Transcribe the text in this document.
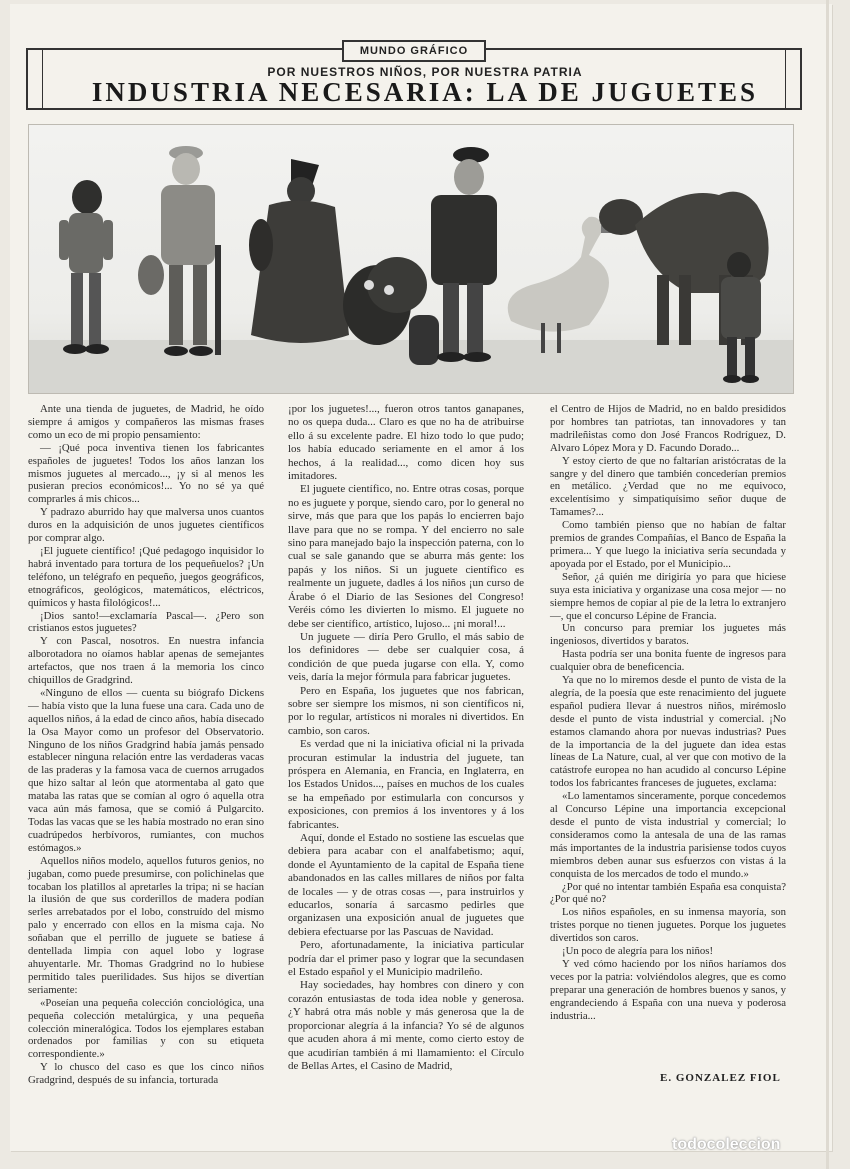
MUNDO GRÁFICO
POR NUESTROS NIÑOS, POR NUESTRA PATRIA
INDUSTRIA NECESARIA: LA DE JUGUETES

Ante una tienda de juguetes, de Madrid, he oído siempre á amigos y compañeros las mismas frases como un eco de mi propio pensamiento:

— ¡Qué poca inventiva tienen los fabricantes españoles de juguetes! Todos los años lanzan los mismos juguetes al mercado..., ¡y si al menos les pusieran precios económicos!... Yo no sé ya qué comprarles á mis chicos...

Y padrazo aburrido hay que malversa unos cuantos duros en la adquisición de unos juguetes científicos por comprar algo.

¡El juguete científico! ¡Qué pedagogo inquisidor lo habrá inventado para tortura de los pequeñuelos? ¡Un teléfono, un telégrafo en pequeño, juegos geográficos, etnográficos, geológicos, matemáticos, eléctricos, químicos y hasta filológicos!...

¡Dios santo!—exclamaría Pascal—. ¿Pero son cristianos estos juguetes?

Y con Pascal, nosotros. En nuestra infancia alborotadora no oíamos hablar apenas de semejantes artefactos, que nos traen á la memoria los cinco chiquillos de Gradgrind.

«Ninguno de ellos — cuenta su biógrafo Dickens — había visto que la luna fuese una cara. Cada uno de aquellos niños, á la edad de cinco años, había disecado la Osa Mayor como un profesor del Observatorio. Ninguno de los niños Gradgrind había jamás pensado establecer ninguna relación entre las verdaderas vacas de las praderas y la famosa vaca de cuernos arrugados que hizo saltar al león que atormentaba al gato que mataba las ratas que se comían al ogro ó aquella otra vaca aún más famosa, que se comió á Pulgarcito. Todas las vacas que se les había mostrado no eran sino cuadrúpedos herbívoros, rumiantes, con muchos estómagos.»

Aquellos niños modelo, aquellos futuros genios, no jugaban, como puede presumirse, con polichinelas que tocaban los platillos al apretarles la tripa; ni se hacían la ilusión de que sus corderillos de madera podían serles arrebatados por el lobo, construído del mismo palo y encerrado con ellos en la misma caja. No soñaban que el perrillo de juguete se batiese á dentellada limpia con aquel lobo y lograse ahuyentarle. Mr. Thomas Gradgrind no lo hubiese permitido tales puerilidades. Sus hijos se divertían seriamente:

«Poseían una pequeña colección conciológica, una pequeña colección metalúrgica, y una pequeña colección mineralógica. Todos los ejemplares estaban ordenados por familias y con su etiqueta correspondiente.»

Y lo chusco del caso es que los cinco niños Gradgrind, después de su infancia, torturada

¡por los juguetes!..., fueron otros tantos ganapanes, no os quepa duda... Claro es que no ha de atribuirse ello á su excelente padre. El hizo todo lo que pudo; los había educado seriamente en el amor á los hechos, á la realidad..., como dicen hoy sus imitadores.

El juguete científico, no. Entre otras cosas, porque no es juguete y porque, siendo caro, por lo general no sirve, más que para que los papás lo encierren bajo llave para que no se rompa. Y del encierro no sale sino para manejado bajo la inspección paterna, con lo cual se sale ganando que se aburra más gente: los papás y los niños. Si un juguete científico es realmente un juguete, dadles á los niños ¡un curso de Árabe ó el Diario de las Sesiones del Congreso! Veréis cómo les divierten lo mismo. El juguete no debe ser científico, artístico, lujoso... ¡ni moral!...

Un juguete — diría Pero Grullo, el más sabio de los definidores — debe ser cualquier cosa, á condición de que pueda jugarse con ella. Y, como veis, daría la mejor fórmula para fabricar juguetes.

Pero en España, los juguetes que nos fabrican, sobre ser siempre los mismos, ni son científicos ni, por lo regular, artísticos ni morales ni divertidos. En cambio, son caros.

Es verdad que ni la iniciativa oficial ni la privada procuran estimular la industria del juguete, tan próspera en Alemania, en Francia, en Inglaterra, en los Estados Unidos..., países en muchos de los cuales se ha empeñado por estimularla con concursos y exposiciones, con premios á los inventores y á los fabricantes.

Aquí, donde el Estado no sostiene las escuelas que debiera para acabar con el analfabetismo; aquí, donde el Ayuntamiento de la capital de España tiene abandonados en las calles millares de niños por falta de locales — y de otras cosas —, para instruirlos y educarlos, sonaría á sarcasmo pedirles que organizasen una exposición anual de juguetes que debiera efectuarse por las Pascuas de Navidad.

Pero, afortunadamente, la iniciativa particular podría dar el primer paso y lograr que la secundasen el Estado español y el Municipio madrileño.

Hay sociedades, hay hombres con dinero y con corazón entusiastas de toda idea noble y generosa. ¿Y habrá otra más noble y más generosa que la de proporcionar alegría á la infancia? Yo sé de algunos que acuden ahora á mi mente, como cierto estoy de que acudirían también á mi llamamiento: el Círculo de Bellas Artes, el Casino de Madrid,

el Centro de Hijos de Madrid, no en baldo presididos por hombres tan patriotas, tan innovadores y tan madrileñistas como don José Francos Rodríguez, D. Alvaro López Mora y D. Facundo Dorado...

Y estoy cierto de que no faltarían aristócratas de la sangre y del dinero que también concederían premios en metálico. ¿Verdad que no me equivoco, excelentísimo y simpatiquísimo señor duque de Tamames?...

Como también pienso que no habían de faltar premios de grandes Compañías, el Banco de España la primera... Y que luego la iniciativa sería secundada y apoyada por el Estado, por el Municipio...

Señor, ¿á quién me dirigiría yo para que hiciese suya esta iniciativa y organizase una cosa mejor — no siempre hemos de copiar al pie de la letra lo extranjero —, que el concurso Lépine de Francia.

Un concurso para premiar los juguetes más ingeniosos, divertidos y baratos.

Hasta podría ser una bonita fuente de ingresos para cualquier obra de beneficencia.

Ya que no lo miremos desde el punto de vista de la alegría, de la poesía que este renacimiento del juguete español pudiera llevar á nuestros niños, mirémoslo desde el punto de vista industrial y comercial. ¡No estamos clamando ahora por nuevas industrias? Pues de la importancia de la del juguete dan idea estas líneas de La Nature, cual, al ver que con motivo de la catástrofe europea no han acudido al concurso Lépine todos los fabricantes franceses de juguetes, exclama:

«Lo lamentamos sinceramente, porque concedemos al Concurso Lépine una importancia excepcional desde el punto de vista industrial y comercial; lo consideramos como la antesala de una de las ramas más importantes de la industria parisiense todos cuyos miembros deben aunar sus esfuerzos con vistas á la conquista de los mercados de todo el mundo.»

¿Por qué no intentar también España esa conquista? ¿Por qué no?

Los niños españoles, en su inmensa mayoría, son tristes porque no tienen juguetes. Porque los juguetes divertidos son caros.

¡Un poco de alegría para los niños!

Y ved cómo haciendo por los niños haríamos dos veces por la patria: volviéndolos alegres, que es como preparar una generación de hombres buenos y sanos, y engrandeciendo á España con una nueva y poderosa industria...

E. GONZALEZ FIOL
todocoleccion
